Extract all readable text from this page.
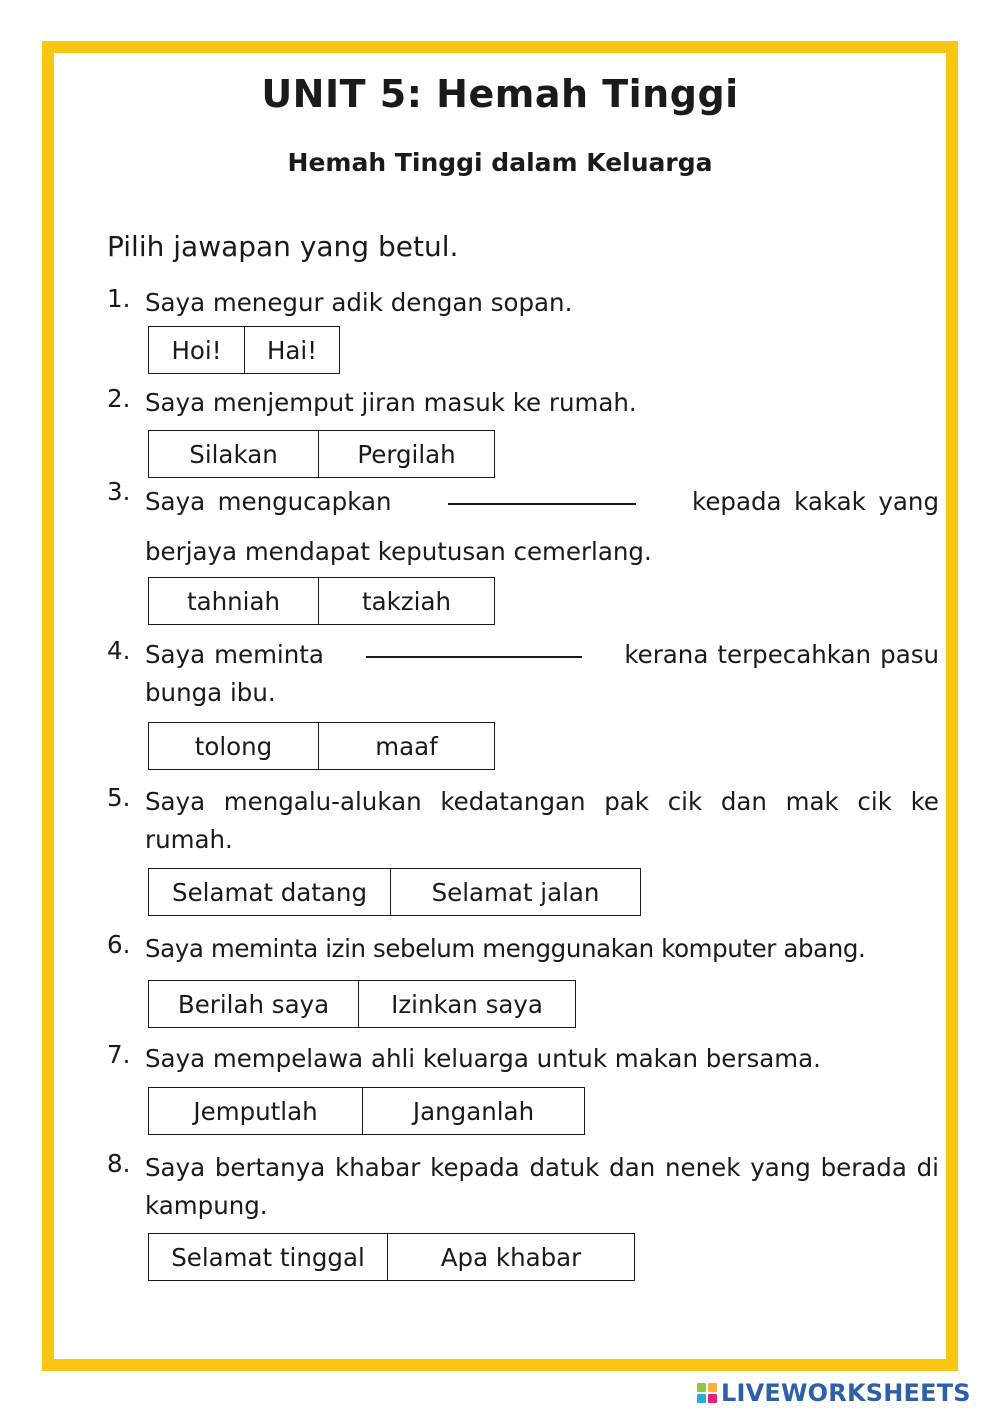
UNIT 5: Hemah Tinggi
Hemah Tinggi dalam Keluarga
Pilih jawapan yang betul.
1. Saya menegur adik dengan sopan.
Hoi!	Hai!
2. Saya menjemput jiran masuk ke rumah.
Silakan	Pergilah
3. Saya mengucapkan	kepada kakak yang berjaya mendapat keputusan cemerlang.
tahniah	takziah
4. Saya meminta	kerana terpecahkan pasu bunga ibu.
tolong	maaf
5. Saya mengalu-alukan kedatangan pak cik dan mak cik ke rumah.
Selamat datang	Selamat jalan
6. Saya meminta izin sebelum menggunakan komputer abang.
Berilah saya	Izinkan saya
7. Saya mempelawa ahli keluarga untuk makan bersama.
Jemputlah	Janganlah
8. Saya bertanya khabar kepada datuk dan nenek yang berada di kampung.
Selamat tinggal	Apa khabar
LIVEWORKSHEETS
